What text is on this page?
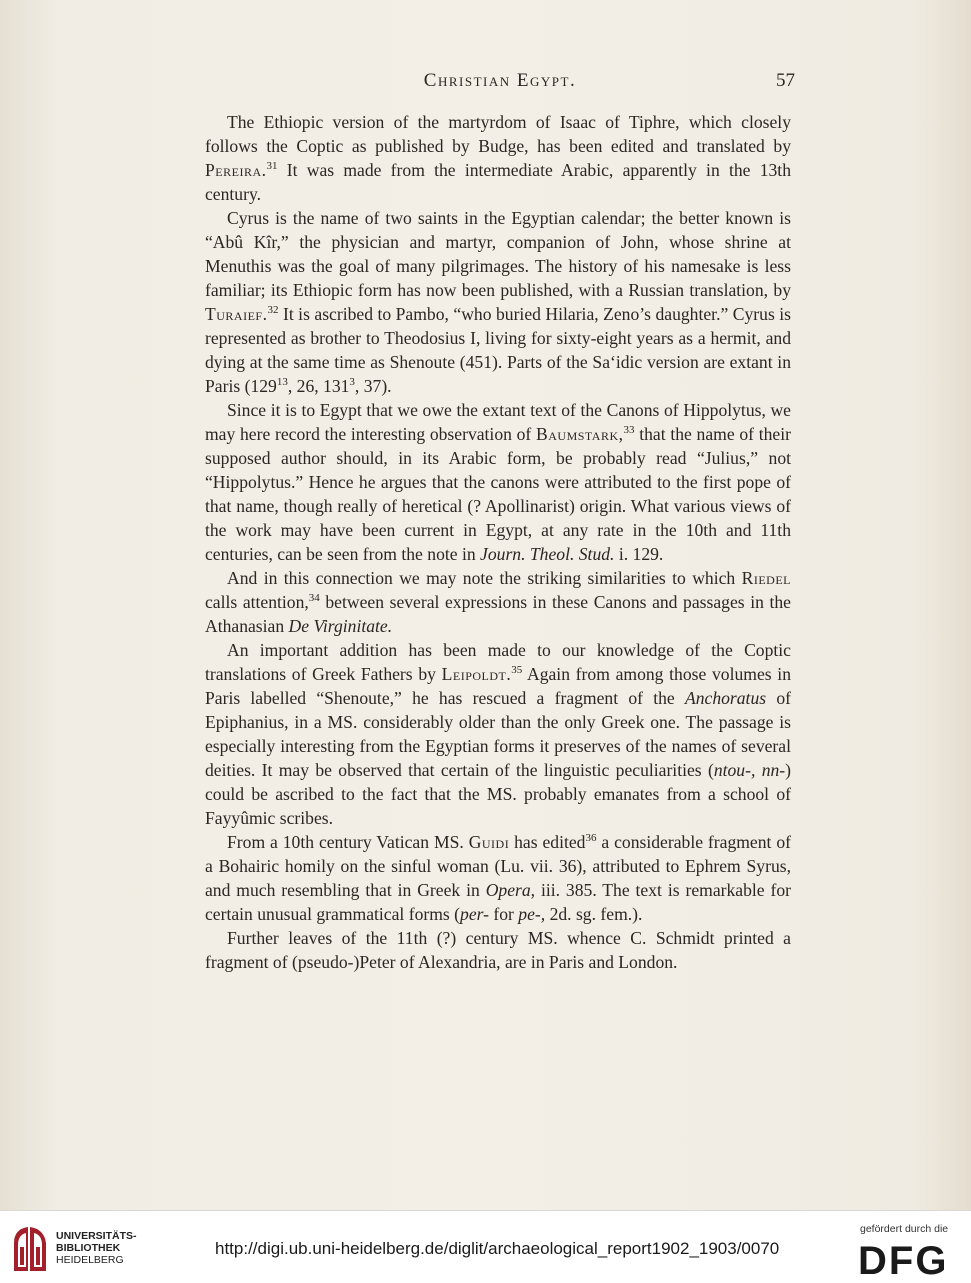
Christian Egypt.	57

The Ethiopic version of the martyrdom of Isaac of Tiphre, which closely follows the Coptic as published by Budge, has been edited and translated by Pereira.$^{31}$ It was made from the intermediate Arabic, apparently in the 13th century.

Cyrus is the name of two saints in the Egyptian calendar; the better known is “Abû Kîr,” the physician and martyr, companion of John, whose shrine at Menuthis was the goal of many pilgrimages. The history of his namesake is less familiar; its Ethiopic form has now been published, with a Russian translation, by Turaief.$^{32}$ It is ascribed to Pambo, “who buried Hilaria, Zeno’s daughter.” Cyrus is represented as brother to Theodosius I, living for sixty-eight years as a hermit, and dying at the same time as Shenoute (451). Parts of the Sa‘idic version are extant in Paris ($129^{13}$, 26, $131^3$, 37).

Since it is to Egypt that we owe the extant text of the Canons of Hippolytus, we may here record the interesting observation of Baumstark,$^{33}$ that the name of their supposed author should, in its Arabic form, be probably read “Julius,” not “Hippolytus.” Hence he argues that the canons were attributed to the first pope of that name, though really of heretical (? Apollinarist) origin. What various views of the work may have been current in Egypt, at any rate in the 10th and 11th centuries, can be seen from the note in Journ. Theol. Stud. i. 129.

And in this connection we may note the striking similarities to which Riedel calls attention,$^{34}$ between several expressions in these Canons and passages in the Athanasian De Virginitate.

An important addition has been made to our knowledge of the Coptic translations of Greek Fathers by Leipoldt.$^{35}$ Again from among those volumes in Paris labelled “Shenoute,” he has rescued a fragment of the Anchoratus of Epiphanius, in a MS. considerably older than the only Greek one. The passage is especially interesting from the Egyptian forms it preserves of the names of several deities. It may be observed that certain of the linguistic peculiarities (ntou-, nn-) could be ascribed to the fact that the MS. probably emanates from a school of Fayyûmic scribes.

From a 10th century Vatican MS. Guidi has edited$^{36}$ a considerable fragment of a Bohairic homily on the sinful woman (Lu. vii. 36), attributed to Ephrem Syrus, and much resembling that in Greek in Opera, iii. 385. The text is remarkable for certain unusual grammatical forms (per- for pe-, 2d. sg. fem.).

Further leaves of the 11th (?) century MS. whence C. Schmidt printed a fragment of (pseudo-)Peter of Alexandria, are in Paris and London.

UNIVERSITÄTS-
BIBLIOTHEK
HEIDELBERG
http://digi.ub.uni-heidelberg.de/diglit/archaeological_report1902_1903/0070
gefördert durch die
DFG
